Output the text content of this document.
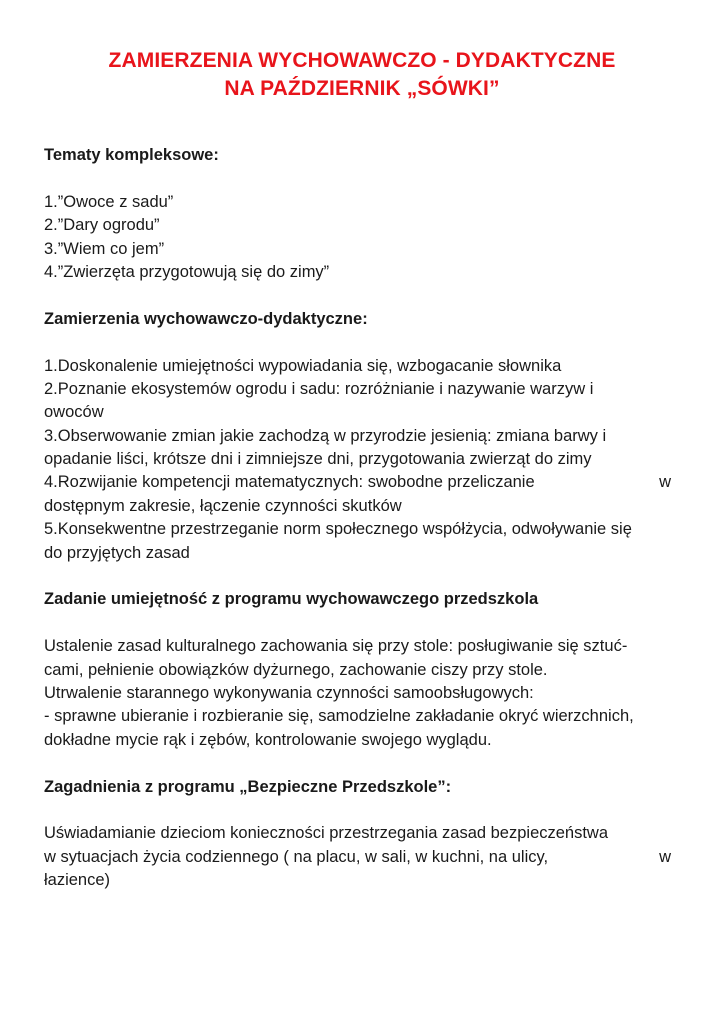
ZAMIERZENIA WYCHOWAWCZO - DYDAKTYCZNE
NA PAŹDZIERNIK „SÓWKI”
Tematy kompleksowe:
1.”Owoce z sadu”
2.”Dary ogrodu”
3.”Wiem co jem”
4.”Zwierzęta przygotowują się do zimy”
Zamierzenia wychowawczo-dydaktyczne:
1.Doskonalenie umiejętności wypowiadania się, wzbogacanie słownika
2.Poznanie ekosystemów ogrodu i sadu: rozróżnianie i nazywanie warzyw i
owoców
3.Obserwowanie zmian jakie zachodzą w przyrodzie jesienią: zmiana barwy i
opadanie liści, krótsze dni i zimniejsze dni, przygotowania zwierząt do zimy
4.Rozwijanie kompetencji matematycznych: swobodne przeliczanie	w
dostępnym zakresie, łączenie czynności skutków
5.Konsekwentne przestrzeganie norm społecznego współżycia, odwoływanie się
do przyjętych zasad
Zadanie umiejętność z programu wychowawczego przedszkola
Ustalenie zasad kulturalnego zachowania się przy stole: posługiwanie się sztuć-
cami, pełnienie obowiązków dyżurnego, zachowanie ciszy przy stole.
Utrwalenie starannego wykonywania czynności samoobsługowych:
- sprawne ubieranie i rozbieranie się, samodzielne zakładanie okryć wierzchnich,
dokładne mycie rąk i zębów, kontrolowanie swojego wyglądu.
Zagadnienia z programu „Bezpieczne Przedszkole”:
Uświadamianie dzieciom konieczności przestrzegania zasad bezpieczeństwa
w sytuacjach życia codziennego ( na placu, w sali, w kuchni, na ulicy,	w
łazience)
